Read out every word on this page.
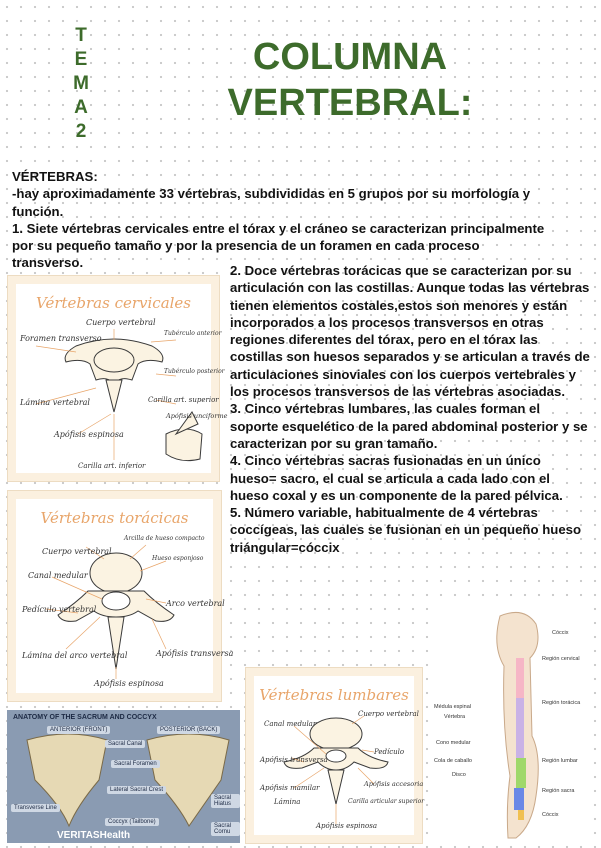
T
E
M
A
2
COLUMNA
VERTEBRAL:

VÉRTEBRAS:

-hay aproximadamente 33 vértebras, subdivididas en 5 grupos por su morfología y función.

1. Siete vértebras cervicales entre el tórax y el cráneo se caracterizan principalmente por su pequeño tamaño y por la presencia de un foramen en cada proceso transverso.

2. Doce vértebras torácicas que se caracterizan por su articulación con las costillas. Aunque todas las vértebras tienen elementos costales,estos son menores y están incorporados a los procesos transversos en otras regiones diferentes del tórax, pero en el tórax las costillas son huesos separados y se articulan a través de articulaciones sinoviales con los cuerpos vertebrales y los procesos transversos de las vértebras asociadas.

3. Cinco vértebras lumbares, las cuales forman el soporte esquelético de la pared abdominal posterior y se caracterizan por su gran tamaño.

4. Cinco vértebras sacras fusionadas en un único hueso= sacro, el cual se articula a cada lado con el hueso coxal y es un componente de la pared pélvica.

5. Número variable, habitualmente de 4 vértebras coccígeas, las cuales se fusionan en un pequeño hueso triángular=cóccix

Vértebras cervicales
Cuerpo vertebral
Foramen transverso
Tubérculo anterior
Tubérculo posterior
Lámina vertebral	Carilla art. superior
Apófisis unciforme
Apófisis espinosa
Carilla art. inferior
Vértebras torácicas
Cuerpo vertebral
Arcilla de hueso compacto
Hueso esponjoso
Canal medular
Pedículo vertebral
Arco vertebral
Lámina del arco vertebral	Apófisis transversa
Apófisis espinosa
Vértebras lumbares
Cuerpo vertebral
Canal medular
Pedículo
Apófisis transversa
Apófisis mamilar	Apófisis accesoria
Lámina	Carilla articular superior
Apófisis espinosa
ANATOMY OF THE SACRUM AND COCCYX
ANTERIOR (FRONT)	POSTERIOR (BACK)
Sacral Canal
Sacral Foramen
Lateral Sacral Crest
Transverse Line
Coccyx (Tailbone)
Sacral Hiatus
Sacral Cornu
VERITASHealth
Cóccix
Región cervical
Región torácica
Médula espinal
Vértebra
Cono medular
Cola de caballo
Disco
Región lumbar
Región sacra
Cóccix
